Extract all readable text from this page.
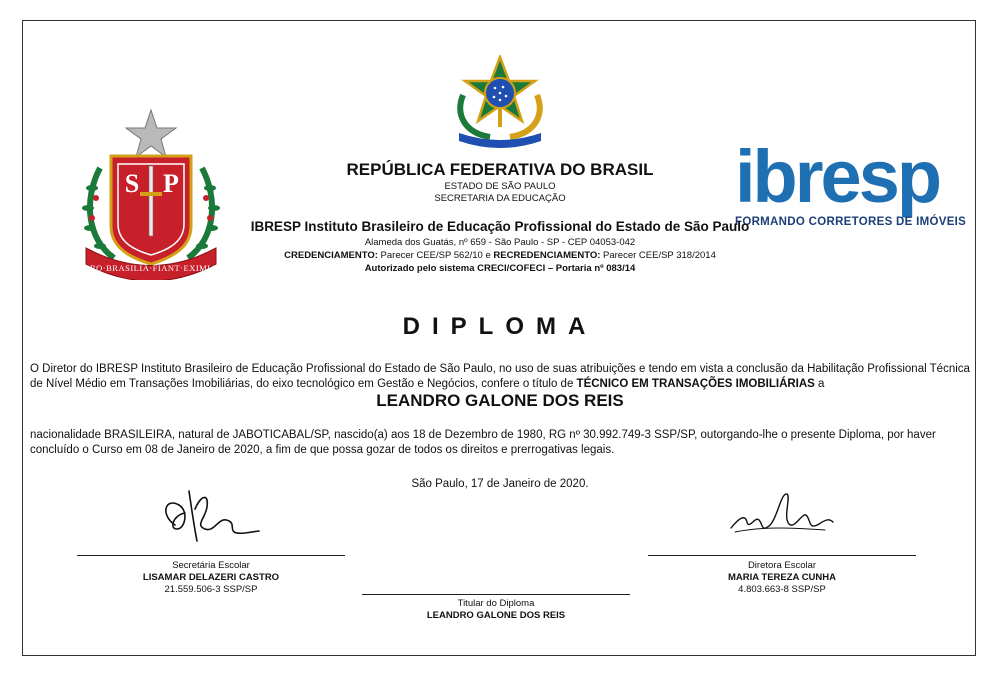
S P
PRO·BRASILIA·FIANT·EXIMIA
ibresp
FORMANDO CORRETORES DE IMÓVEIS
REPÚBLICA FEDERATIVA DO BRASIL
ESTADO DE SÃO PAULO
SECRETARIA DA EDUCAÇÃO
IBRESP Instituto Brasileiro de Educação Profissional do Estado de São Paulo
Alameda dos Guatás, nº 659 - São Paulo - SP - CEP 04053-042
CREDENCIAMENTO: Parecer CEE/SP 562/10 e RECREDENCIAMENTO: Parecer CEE/SP 318/2014
Autorizado pelo sistema CRECI/COFECI – Portaria nº 083/14
DIPLOMA
O Diretor do IBRESP Instituto Brasileiro de Educação Profissional do Estado de São Paulo, no uso de suas atribuições e tendo em vista a conclusão da Habilitação Profissional Técnica de Nível Médio em Transações Imobiliárias, do eixo tecnológico em Gestão e Negócios, confere o título de TÉCNICO EM TRANSAÇÕES IMOBILIÁRIAS a
LEANDRO GALONE DOS REIS
nacionalidade BRASILEIRA, natural de JABOTICABAL/SP, nascido(a) aos 18 de Dezembro de 1980, RG nº 30.992.749-3 SSP/SP, outorgando-lhe o presente Diploma, por haver concluído o Curso em 08 de Janeiro de 2020, a fim de que possa gozar de todos os direitos e prerrogativas legais.
São Paulo, 17 de Janeiro de 2020.
Secretária Escolar
LISAMAR DELAZERI CASTRO
21.559.506-3 SSP/SP
Diretora Escolar
MARIA TEREZA CUNHA
4.803.663-8 SSP/SP
Titular do Diploma
LEANDRO GALONE DOS REIS
